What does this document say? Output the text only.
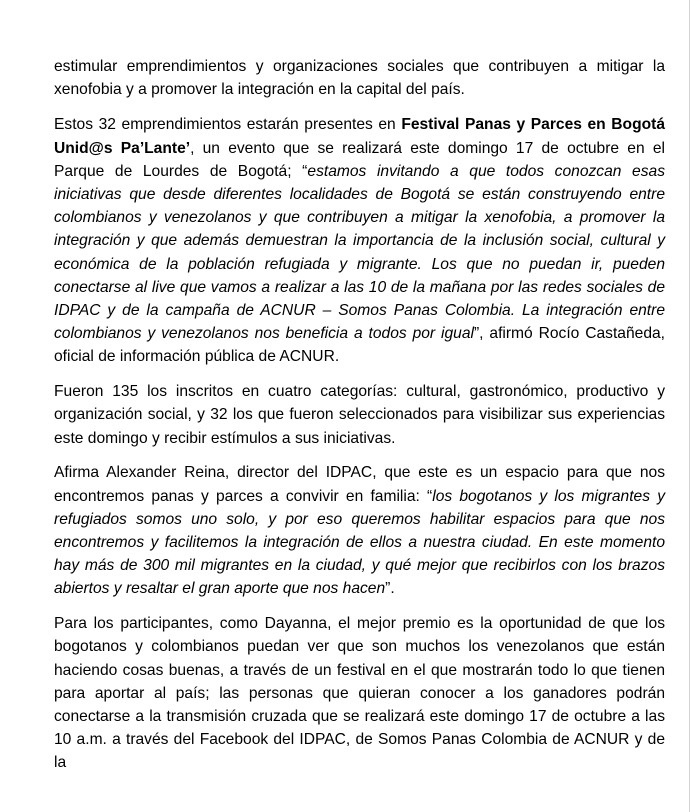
estimular emprendimientos y organizaciones sociales que contribuyen a mitigar la xenofobia y a promover la integración en la capital del país.

Estos 32 emprendimientos estarán presentes en Festival Panas y Parces en Bogotá Unid@s Pa’Lante’, un evento que se realizará este domingo 17 de octubre en el Parque de Lourdes de Bogotá; “estamos invitando a que todos conozcan esas iniciativas que desde diferentes localidades de Bogotá se están construyendo entre colombianos y venezolanos y que contribuyen a mitigar la xenofobia, a promover la integración y que además demuestran la importancia de la inclusión social, cultural y económica de la población refugiada y migrante. Los que no puedan ir, pueden conectarse al live que vamos a realizar a las 10 de la mañana por las redes sociales de IDPAC y de la campaña de ACNUR – Somos Panas Colombia. La integración entre colombianos y venezolanos nos beneficia a todos por igual”, afirmó Rocío Castañeda, oficial de información pública de ACNUR.

Fueron 135 los inscritos en cuatro categorías: cultural, gastronómico, productivo y organización social, y 32 los que fueron seleccionados para visibilizar sus experiencias este domingo y recibir estímulos a sus iniciativas.

Afirma Alexander Reina, director del IDPAC, que este es un espacio para que nos encontremos panas y parces a convivir en familia: “los bogotanos y los migrantes y refugiados somos uno solo, y por eso queremos habilitar espacios para que nos encontremos y facilitemos la integración de ellos a nuestra ciudad. En este momento hay más de 300 mil migrantes en la ciudad, y qué mejor que recibirlos con los brazos abiertos y resaltar el gran aporte que nos hacen”.

Para los participantes, como Dayanna, el mejor premio es la oportunidad de que los bogotanos y colombianos puedan ver que son muchos los venezolanos que están haciendo cosas buenas, a través de un festival en el que mostrarán todo lo que tienen para aportar al país; las personas que quieran conocer a los ganadores podrán conectarse a la transmisión cruzada que se realizará este domingo 17 de octubre a las 10 a.m. a través del Facebook del IDPAC, de Somos Panas Colombia de ACNUR y de la
